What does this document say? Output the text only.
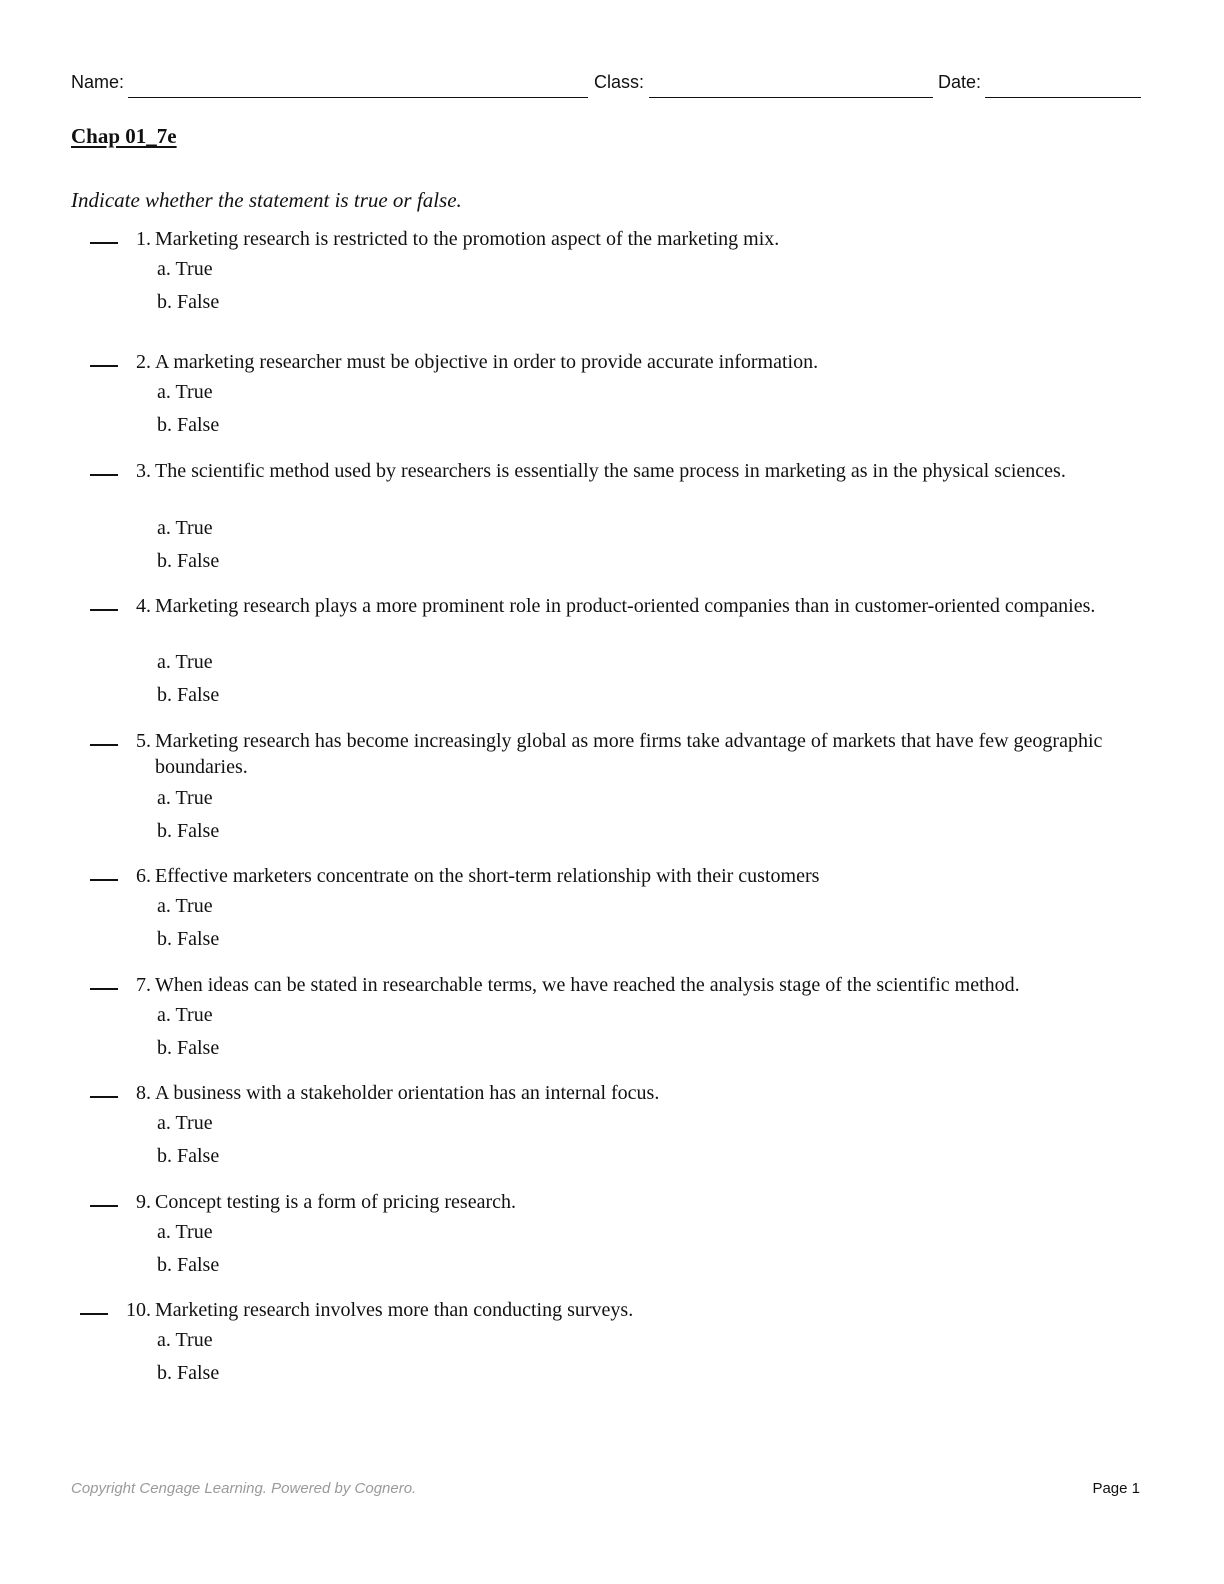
Name:	Class:	Date:
Chap 01_7e
Indicate whether the statement is true or false.
1. Marketing research is restricted to the promotion aspect of the marketing mix.
a. True
b. False
2. A marketing researcher must be objective in order to provide accurate information.
a. True
b. False
3. The scientific method used by researchers is essentially the same process in marketing as in the physical sciences.
a. True
b. False
4. Marketing research plays a more prominent role in product-oriented companies than in customer-oriented companies.
a. True
b. False
5. Marketing research has become increasingly global as more firms take advantage of markets that have few geographic boundaries.
a. True
b. False
6. Effective marketers concentrate on the short-term relationship with their customers
a. True
b. False
7. When ideas can be stated in researchable terms, we have reached the analysis stage of the scientific method.
a. True
b. False
8. A business with a stakeholder orientation has an internal focus.
a. True
b. False
9. Concept testing is a form of pricing research.
a. True
b. False
10. Marketing research involves more than conducting surveys.
a. True
b. False
Copyright Cengage Learning. Powered by Cognero.	Page 1
